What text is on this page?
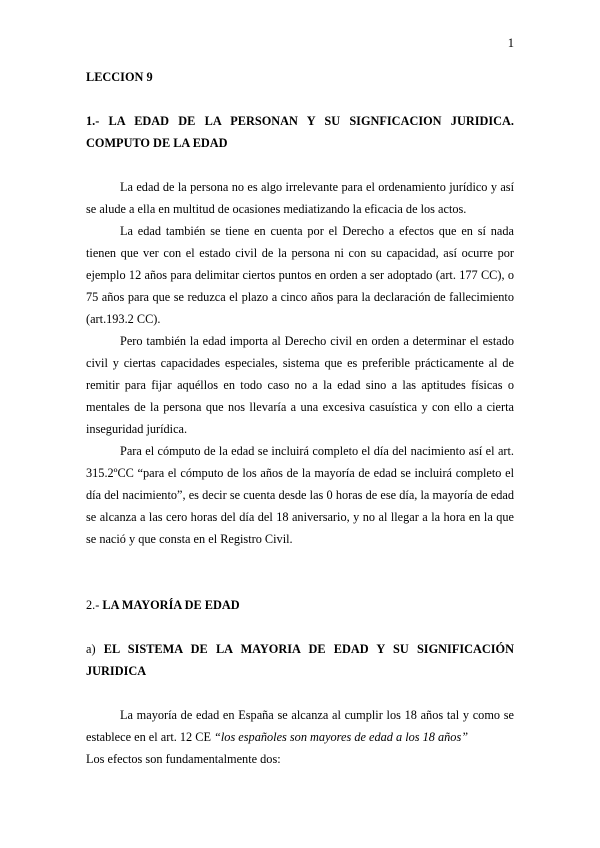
1
LECCION 9
1.- LA EDAD DE LA PERSONAN Y SU SIGNFICACION JURIDICA. COMPUTO DE LA EDAD
La edad de la persona no es algo irrelevante para el ordenamiento jurídico y así se alude a ella en multitud de ocasiones mediatizando la eficacia de los actos.
La edad también se tiene en cuenta por el Derecho a efectos que en sí nada tienen que ver con el estado civil de la persona ni con su capacidad, así ocurre por ejemplo 12 años para delimitar ciertos puntos en orden a ser adoptado (art. 177 CC), o 75 años para que se reduzca el plazo a cinco años para la declaración de fallecimiento (art.193.2 CC).
Pero también la edad importa al Derecho civil en orden a determinar el estado civil y ciertas capacidades especiales, sistema que es preferible prácticamente al de remitir para fijar aquéllos en todo caso no a la edad sino a las aptitudes físicas o mentales de la persona que nos llevaría a una excesiva casuística y con ello a cierta inseguridad jurídica.
Para el cómputo de la edad se incluirá completo el día del nacimiento así el art. 315.2ºCC “para el cómputo de los años de la mayoría de edad se incluirá completo el día del nacimiento”, es decir se cuenta desde las 0 horas de ese día, la mayoría de edad se alcanza a las cero horas del día del 18 aniversario, y no al llegar a la hora en la que se nació y que consta en el Registro Civil.
2.- LA MAYORÍA DE EDAD
a) EL SISTEMA DE LA MAYORIA DE EDAD Y SU SIGNIFICACIÓN JURIDICA
La mayoría de edad en España se alcanza al cumplir los 18 años tal y como se establece en el art. 12 CE “los españoles son mayores de edad a los 18 años”
Los efectos son fundamentalmente dos:
